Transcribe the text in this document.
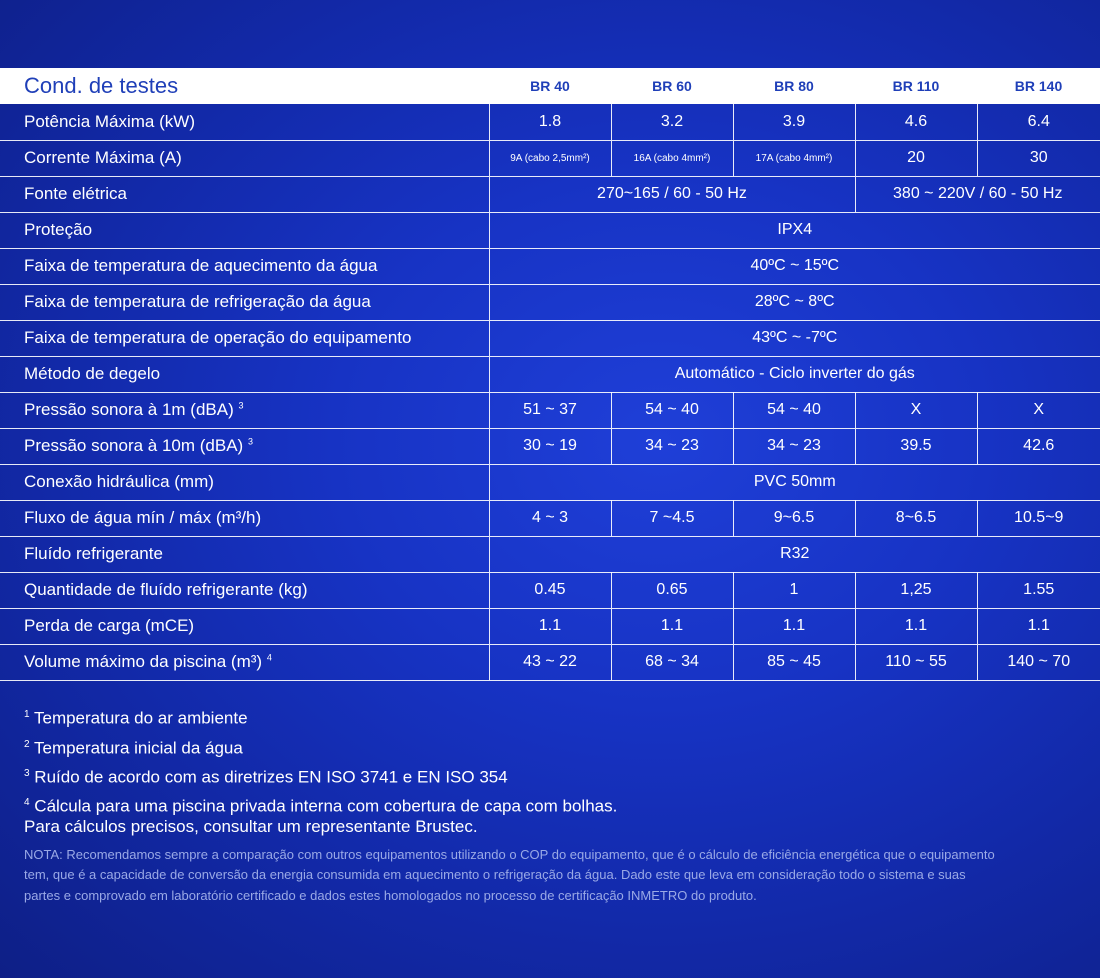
Cond. de testes	BR 40	BR 60	BR 80	BR 110	BR 140
Potência Máxima (kW)	1.8	3.2	3.9	4.6	6.4
Corrente Máxima (A)	9A (cabo 2,5mm²)	16A (cabo 4mm²)	17A (cabo 4mm²)	20	30
Fonte elétrica	270~165 / 60 - 50 Hz			380 ~ 220V / 60 - 50 Hz	
Proteção	IPX4				
Faixa de temperatura de aquecimento da água	40ºC ~ 15ºC				
Faixa de temperatura de refrigeração da água	28ºC ~ 8ºC				
Faixa de temperatura de operação do equipamento	43ºC ~ -7ºC				
Método de degelo	Automático - Ciclo inverter do gás				
Pressão sonora à 1m (dBA) $^3$	51 ~ 37	54 ~ 40	54 ~ 40	X	X
Pressão sonora à 10m (dBA) $^3$	30 ~ 19	34 ~ 23	34 ~ 23	39.5	42.6
Conexão hidráulica (mm)	PVC 50mm				
Fluxo de água mín / máx (m³/h)	4 ~ 3	7 ~4.5	9~6.5	8~6.5	10.5~9
Fluído refrigerante	R32				
Quantidade de fluído refrigerante (kg)	0.45	0.65	1	1,25	1.55
Perda de carga (mCE)	1.1	1.1	1.1	1.1	1.1
Volume máximo da piscina (m³) $^4$	43 ~ 22	68 ~ 34	85 ~ 45	110 ~ 55	140 ~ 70
$^1$ Temperatura do ar ambiente
$^2$ Temperatura inicial da água
$^3$ Ruído de acordo com as diretrizes EN ISO 3741 e EN ISO 354
$^4$ Cálcula para uma piscina privada interna com cobertura de capa com bolhas.
Para cálculos precisos, consultar um representante Brustec.
NOTA: Recomendamos sempre a comparação com outros equipamentos utilizando o COP do equipamento, que é o cálculo de eficiência energética que o equipamento tem, que é a capacidade de conversão da energia consumida em aquecimento o refrigeração da água. Dado este que leva em consideração todo o sistema e suas partes e comprovado em laboratório certificado e dados estes homologados no processo de certificação INMETRO do produto.
